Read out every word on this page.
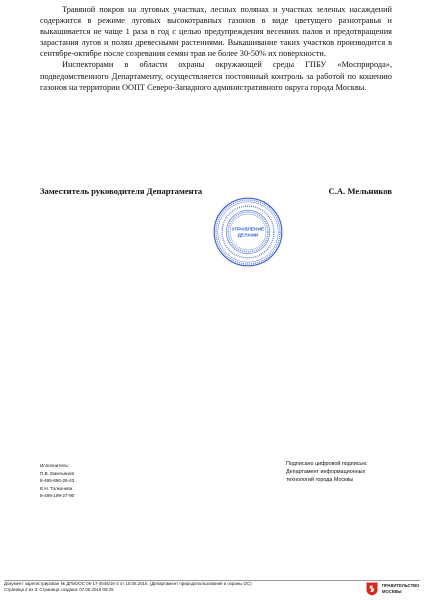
Травяной покров на луговых участках, лесных полянах и участках зеленых насаждений содержится в режиме луговых высокотравных газонов в виде цветущего разнотравья и выкашивается не чаще 1 раза в год с целью предупреждения весенних палов и предотвращения зарастания лугов и полян древесными растениями. Выкашивание таких участков производится в сентябре-октябре после созревания семян трав не более 30-50% их поверхности.

Инспекторами в области охраны окружающей среды ГПБУ «Мосприрода», подведомственного Департаменту, осуществляется постоянный контроль за работой по кошению газонов на территории ООПТ Северо-Западного административного округа города Москвы.

Заместитель руководителя Департамента	С.А. Мельников
УПРАВЛЕНИЕ
ДЕЛАМИ
Исполнитель:
П.В. Емельянов
8-495-690-26-43
Е.Н. Толкачева
8-499-199-27-90
Подписано цифровой подписью:
Департамент информационных
технологий города Москвы
Документ зарегистрирован № ДПиООС 05-17-4045/16-3 от 10.06.2016. (Департамент природопользования и охраны ОС)
Страница 2 из 3. Страница создана: 07.06.2016 09:25
ПРАВИТЕЛЬСТВО
МОСКВЫ
